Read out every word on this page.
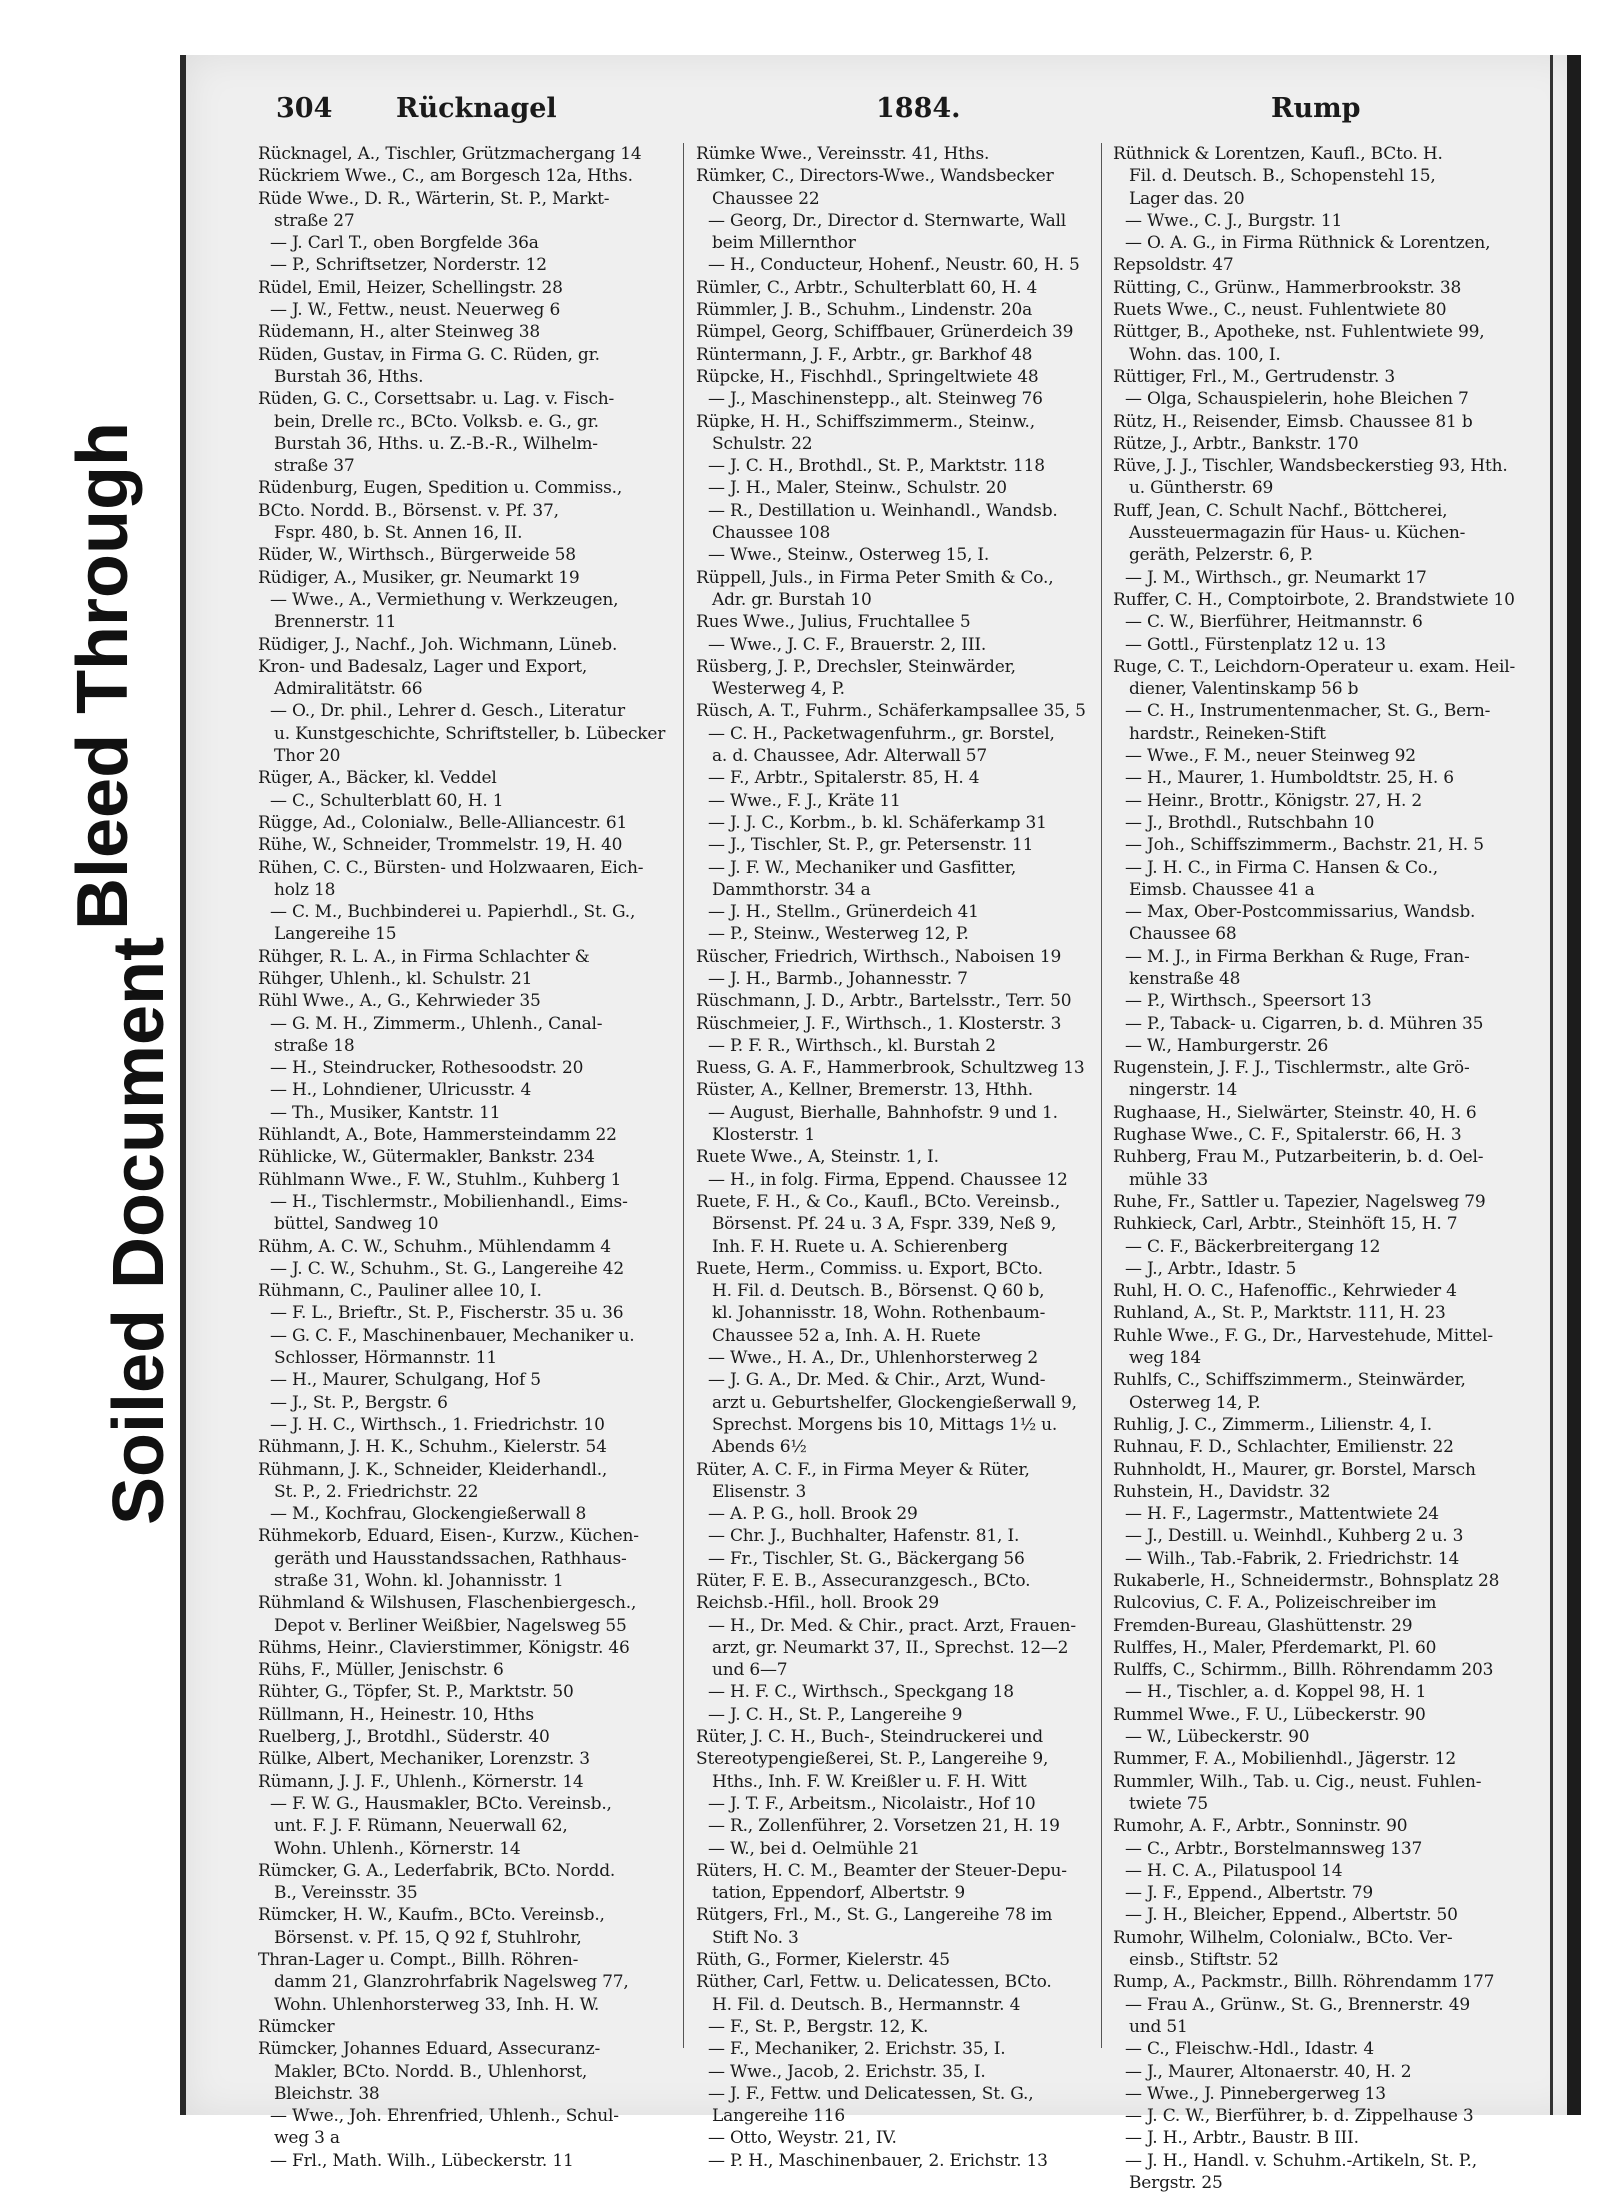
Bleed Through
Soiled Document
304 Rücknagel	1884.	Rump
Rücknagel, A., Tischler, Grützmachergang 14
Rückriem Wwe., C., am Borgesch 12a, Hths.
Rüde Wwe., D. R., Wärterin, St. P., Markt-
straße 27
— J. Carl T., oben Borgfelde 36a
— P., Schriftsetzer, Norderstr. 12
Rüdel, Emil, Heizer, Schellingstr. 28
— J. W., Fettw., neust. Neuerweg 6
Rüdemann, H., alter Steinweg 38
Rüden, Gustav, in Firma G. C. Rüden, gr.
Burstah 36, Hths.
Rüden, G. C., Corsettsabr. u. Lag. v. Fisch-
bein, Drelle rc., BCto. Volksb. e. G., gr.
Burstah 36, Hths. u. Z.-B.-R., Wilhelm-
straße 37
Rüdenburg, Eugen, Spedition u. Commiss.,
BCto. Nordd. B., Börsenst. v. Pf. 37,
Fspr. 480, b. St. Annen 16, II.
Rüder, W., Wirthsch., Bürgerweide 58
Rüdiger, A., Musiker, gr. Neumarkt 19
— Wwe., A., Vermiethung v. Werkzeugen,
Brennerstr. 11
Rüdiger, J., Nachf., Joh. Wichmann, Lüneb.
Kron- und Badesalz, Lager und Export,
Admiralitätstr. 66
— O., Dr. phil., Lehrer d. Gesch., Literatur
u. Kunstgeschichte, Schriftsteller, b. Lübecker
Thor 20
Rüger, A., Bäcker, kl. Veddel
— C., Schulterblatt 60, H. 1
Rügge, Ad., Colonialw., Belle-Alliancestr. 61
Rühe, W., Schneider, Trommelstr. 19, H. 40
Rühen, C. C., Bürsten- und Holzwaaren, Eich-
holz 18
— C. M., Buchbinderei u. Papierhdl., St. G.,
Langereihe 15
Rühger, R. L. A., in Firma Schlachter &
Rühger, Uhlenh., kl. Schulstr. 21
Rühl Wwe., A., G., Kehrwieder 35
— G. M. H., Zimmerm., Uhlenh., Canal-
straße 18
— H., Steindrucker, Rothesoodstr. 20
— H., Lohndiener, Ulricusstr. 4
— Th., Musiker, Kantstr. 11
Rühlandt, A., Bote, Hammersteindamm 22
Rühlicke, W., Gütermakler, Bankstr. 234
Rühlmann Wwe., F. W., Stuhlm., Kuhberg 1
— H., Tischlermstr., Mobilienhandl., Eims-
büttel, Sandweg 10
Rühm, A. C. W., Schuhm., Mühlendamm 4
— J. C. W., Schuhm., St. G., Langereihe 42
Rühmann, C., Pauliner allee 10, I.
— F. L., Brieftr., St. P., Fischerstr. 35 u. 36
— G. C. F., Maschinenbauer, Mechaniker u.
Schlosser, Hörmannstr. 11
— H., Maurer, Schulgang, Hof 5
— J., St. P., Bergstr. 6
— J. H. C., Wirthsch., 1. Friedrichstr. 10
Rühmann, J. H. K., Schuhm., Kielerstr. 54
Rühmann, J. K., Schneider, Kleiderhandl.,
St. P., 2. Friedrichstr. 22
— M., Kochfrau, Glockengießerwall 8
Rühmekorb, Eduard, Eisen-, Kurzw., Küchen-
geräth und Hausstandssachen, Rathhaus-
straße 31, Wohn. kl. Johannisstr. 1
Rühmland & Wilshusen, Flaschenbiergesch.,
Depot v. Berliner Weißbier, Nagelsweg 55
Rühms, Heinr., Clavierstimmer, Königstr. 46
Rühs, F., Müller, Jenischstr. 6
Rühter, G., Töpfer, St. P., Marktstr. 50
Rüllmann, H., Heinestr. 10, Hths
Ruelberg, J., Brotdhl., Süderstr. 40
Rülke, Albert, Mechaniker, Lorenzstr. 3
Rümann, J. J. F., Uhlenh., Körnerstr. 14
— F. W. G., Hausmakler, BCto. Vereinsb.,
unt. F. J. F. Rümann, Neuerwall 62,
Wohn. Uhlenh., Körnerstr. 14
Rümcker, G. A., Lederfabrik, BCto. Nordd.
B., Vereinsstr. 35
Rümcker, H. W., Kaufm., BCto. Vereinsb.,
Börsenst. v. Pf. 15, Q 92 f, Stuhlrohr,
Thran-Lager u. Compt., Billh. Röhren-
damm 21, Glanzrohrfabrik Nagelsweg 77,
Wohn. Uhlenhorsterweg 33, Inh. H. W.
Rümcker
Rümcker, Johannes Eduard, Assecuranz-
Makler, BCto. Nordd. B., Uhlenhorst,
Bleichstr. 38
— Wwe., Joh. Ehrenfried, Uhlenh., Schul-
weg 3 a
— Frl., Math. Wilh., Lübeckerstr. 11
Rümke Wwe., Vereinsstr. 41, Hths.
Rümker, C., Directors-Wwe., Wandsbecker
Chaussee 22
— Georg, Dr., Director d. Sternwarte, Wall
beim Millernthor
— H., Conducteur, Hohenf., Neustr. 60, H. 5
Rümler, C., Arbtr., Schulterblatt 60, H. 4
Rümmler, J. B., Schuhm., Lindenstr. 20a
Rümpel, Georg, Schiffbauer, Grünerdeich 39
Rüntermann, J. F., Arbtr., gr. Barkhof 48
Rüpcke, H., Fischhdl., Springeltwiete 48
— J., Maschinenstepp., alt. Steinweg 76
Rüpke, H. H., Schiffszimmerm., Steinw.,
Schulstr. 22
— J. C. H., Brothdl., St. P., Marktstr. 118
— J. H., Maler, Steinw., Schulstr. 20
— R., Destillation u. Weinhandl., Wandsb.
Chaussee 108
— Wwe., Steinw., Osterweg 15, I.
Rüppell, Juls., in Firma Peter Smith & Co.,
Adr. gr. Burstah 10
Rues Wwe., Julius, Fruchtallee 5
— Wwe., J. C. F., Brauerstr. 2, III.
Rüsberg, J. P., Drechsler, Steinwärder,
Westerweg 4, P.
Rüsch, A. T., Fuhrm., Schäferkampsallee 35, 5
— C. H., Packetwagenfuhrm., gr. Borstel,
a. d. Chaussee, Adr. Alterwall 57
— F., Arbtr., Spitalerstr. 85, H. 4
— Wwe., F. J., Kräte 11
— J. J. C., Korbm., b. kl. Schäferkamp 31
— J., Tischler, St. P., gr. Petersenstr. 11
— J. F. W., Mechaniker und Gasfitter,
Dammthorstr. 34 a
— J. H., Stellm., Grünerdeich 41
— P., Steinw., Westerweg 12, P.
Rüscher, Friedrich, Wirthsch., Naboisen 19
— J. H., Barmb., Johannesstr. 7
Rüschmann, J. D., Arbtr., Bartelsstr., Terr. 50
Rüschmeier, J. F., Wirthsch., 1. Klosterstr. 3
— P. F. R., Wirthsch., kl. Burstah 2
Ruess, G. A. F., Hammerbrook, Schultzweg 13
Rüster, A., Kellner, Bremerstr. 13, Hthh.
— August, Bierhalle, Bahnhofstr. 9 und 1.
Klosterstr. 1
Ruete Wwe., A, Steinstr. 1, I.
— H., in folg. Firma, Eppend. Chaussee 12
Ruete, F. H., & Co., Kaufl., BCto. Vereinsb.,
Börsenst. Pf. 24 u. 3 A, Fspr. 339, Neß 9,
Inh. F. H. Ruete u. A. Schierenberg
Ruete, Herm., Commiss. u. Export, BCto.
H. Fil. d. Deutsch. B., Börsenst. Q 60 b,
kl. Johannisstr. 18, Wohn. Rothenbaum-
Chaussee 52 a, Inh. A. H. Ruete
— Wwe., H. A., Dr., Uhlenhorsterweg 2
— J. G. A., Dr. Med. & Chir., Arzt, Wund-
arzt u. Geburtshelfer, Glockengießerwall 9,
Sprechst. Morgens bis 10, Mittags 1½ u.
Abends 6½
Rüter, A. C. F., in Firma Meyer & Rüter,
Elisenstr. 3
— A. P. G., holl. Brook 29
— Chr. J., Buchhalter, Hafenstr. 81, I.
— Fr., Tischler, St. G., Bäckergang 56
Rüter, F. E. B., Assecuranzgesch., BCto.
Reichsb.-Hfil., holl. Brook 29
— H., Dr. Med. & Chir., pract. Arzt, Frauen-
arzt, gr. Neumarkt 37, II., Sprechst. 12—2
und 6—7
— H. F. C., Wirthsch., Speckgang 18
— J. C. H., St. P., Langereihe 9
Rüter, J. C. H., Buch-, Steindruckerei und
Stereotypengießerei, St. P., Langereihe 9,
Hths., Inh. F. W. Kreißler u. F. H. Witt
— J. T. F., Arbeitsm., Nicolaistr., Hof 10
— R., Zollenführer, 2. Vorsetzen 21, H. 19
— W., bei d. Oelmühle 21
Rüters, H. C. M., Beamter der Steuer-Depu-
tation, Eppendorf, Albertstr. 9
Rütgers, Frl., M., St. G., Langereihe 78 im
Stift No. 3
Rüth, G., Former, Kielerstr. 45
Rüther, Carl, Fettw. u. Delicatessen, BCto.
H. Fil. d. Deutsch. B., Hermannstr. 4
— F., St. P., Bergstr. 12, K.
— F., Mechaniker, 2. Erichstr. 35, I.
— Wwe., Jacob, 2. Erichstr. 35, I.
— J. F., Fettw. und Delicatessen, St. G.,
Langereihe 116
— Otto, Weystr. 21, IV.
— P. H., Maschinenbauer, 2. Erichstr. 13
Rüthnick & Lorentzen, Kaufl., BCto. H.
Fil. d. Deutsch. B., Schopenstehl 15,
Lager das. 20
— Wwe., C. J., Burgstr. 11
— O. A. G., in Firma Rüthnick & Lorentzen,
Repsoldstr. 47
Rütting, C., Grünw., Hammerbrookstr. 38
Ruets Wwe., C., neust. Fuhlentwiete 80
Rüttger, B., Apotheke, nst. Fuhlentwiete 99,
Wohn. das. 100, I.
Rüttiger, Frl., M., Gertrudenstr. 3
— Olga, Schauspielerin, hohe Bleichen 7
Rütz, H., Reisender, Eimsb. Chaussee 81 b
Rütze, J., Arbtr., Bankstr. 170
Rüve, J. J., Tischler, Wandsbeckerstieg 93, Hth.
u. Güntherstr. 69
Ruff, Jean, C. Schult Nachf., Böttcherei,
Aussteuermagazin für Haus- u. Küchen-
geräth, Pelzerstr. 6, P.
— J. M., Wirthsch., gr. Neumarkt 17
Ruffer, C. H., Comptoirbote, 2. Brandstwiete 10
— C. W., Bierführer, Heitmannstr. 6
— Gottl., Fürstenplatz 12 u. 13
Ruge, C. T., Leichdorn-Operateur u. exam. Heil-
diener, Valentinskamp 56 b
— C. H., Instrumentenmacher, St. G., Bern-
hardstr., Reineken-Stift
— Wwe., F. M., neuer Steinweg 92
— H., Maurer, 1. Humboldtstr. 25, H. 6
— Heinr., Brottr., Königstr. 27, H. 2
— J., Brothdl., Rutschbahn 10
— Joh., Schiffszimmerm., Bachstr. 21, H. 5
— J. H. C., in Firma C. Hansen & Co.,
Eimsb. Chaussee 41 a
— Max, Ober-Postcommissarius, Wandsb.
Chaussee 68
— M. J., in Firma Berkhan & Ruge, Fran-
kenstraße 48
— P., Wirthsch., Speersort 13
— P., Taback- u. Cigarren, b. d. Mühren 35
— W., Hamburgerstr. 26
Rugenstein, J. F. J., Tischlermstr., alte Grö-
ningerstr. 14
Rughaase, H., Sielwärter, Steinstr. 40, H. 6
Rughase Wwe., C. F., Spitalerstr. 66, H. 3
Ruhberg, Frau M., Putzarbeiterin, b. d. Oel-
mühle 33
Ruhe, Fr., Sattler u. Tapezier, Nagelsweg 79
Ruhkieck, Carl, Arbtr., Steinhöft 15, H. 7
— C. F., Bäckerbreitergang 12
— J., Arbtr., Idastr. 5
Ruhl, H. O. C., Hafenoffic., Kehrwieder 4
Ruhland, A., St. P., Marktstr. 111, H. 23
Ruhle Wwe., F. G., Dr., Harvestehude, Mittel-
weg 184
Ruhlfs, C., Schiffszimmerm., Steinwärder,
Osterweg 14, P.
Ruhlig, J. C., Zimmerm., Lilienstr. 4, I.
Ruhnau, F. D., Schlachter, Emilienstr. 22
Ruhnholdt, H., Maurer, gr. Borstel, Marsch
Ruhstein, H., Davidstr. 32
— H. F., Lagermstr., Mattentwiete 24
— J., Destill. u. Weinhdl., Kuhberg 2 u. 3
— Wilh., Tab.-Fabrik, 2. Friedrichstr. 14
Rukaberle, H., Schneidermstr., Bohnsplatz 28
Rulcovius, C. F. A., Polizeischreiber im
Fremden-Bureau, Glashüttenstr. 29
Rulffes, H., Maler, Pferdemarkt, Pl. 60
Rulffs, C., Schirmm., Billh. Röhrendamm 203
— H., Tischler, a. d. Koppel 98, H. 1
Rummel Wwe., F. U., Lübeckerstr. 90
— W., Lübeckerstr. 90
Rummer, F. A., Mobilienhdl., Jägerstr. 12
Rummler, Wilh., Tab. u. Cig., neust. Fuhlen-
twiete 75
Rumohr, A. F., Arbtr., Sonninstr. 90
— C., Arbtr., Borstelmannsweg 137
— H. C. A., Pilatuspool 14
— J. F., Eppend., Albertstr. 79
— J. H., Bleicher, Eppend., Albertstr. 50
Rumohr, Wilhelm, Colonialw., BCto. Ver-
einsb., Stiftstr. 52
Rump, A., Packmstr., Billh. Röhrendamm 177
— Frau A., Grünw., St. G., Brennerstr. 49
und 51
— C., Fleischw.-Hdl., Idastr. 4
— J., Maurer, Altonaerstr. 40, H. 2
— Wwe., J. Pinnebergerweg 13
— J. C. W., Bierführer, b. d. Zippelhause 3
— J. H., Arbtr., Baustr. B III.
— J. H., Handl. v. Schuhm.-Artikeln, St. P.,
Bergstr. 25
